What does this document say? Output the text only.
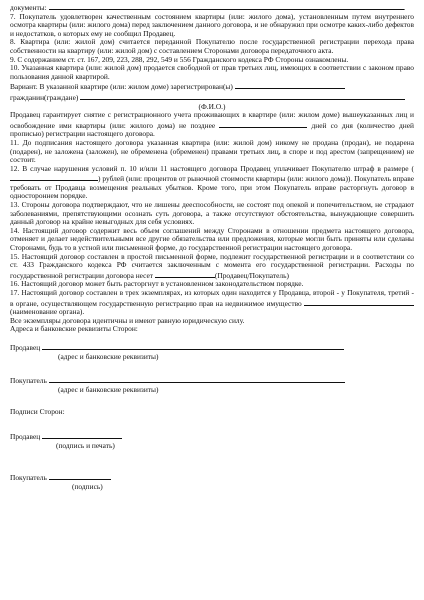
документы:	.
7. Покупатель удовлетворен качественным состоянием квартиры (или: жилого дома), установленным путем внутреннего осмотра квартиры (или: жилого дома) перед заключением данного договора, и не обнаружил при осмотре каких-либо дефектов и недостатков, о которых ему не сообщил Продавец.
8. Квартира (или: жилой дом) считается переданной Покупателю после государственной регистрации перехода права собственности на квартиру (или: жилой дом) с составлением Сторонами договора передаточного акта.
9. С содержанием ст. ст. 167, 209, 223, 288, 292, 549 и 556 Гражданского кодекса РФ Стороны ознакомлены.
10. Указанная квартира (или: жилой дом) продается свободной от прав третьих лиц, имеющих в соответствии с законом право пользования данной квартирой.
Вариант. В указанной квартире (или: жилом доме) зарегистрирован(ы)
гражданин(граждане)
(Ф.И.О.)
Продавец гарантирует снятие с регистрационного учета проживающих в квартире (или: жилом доме) вышеуказанных лиц и освобождение ими квартиры (или: жилого дома) не позднее	дней со дня (количество дней прописью) регистрации настоящего договора.
11. До подписания настоящего договора указанная квартира (или: жилой дом) никому не продана (продан), не подарена (подарен), не заложена (заложен), не обременена (обременен) правами третьих лиц, в споре и под арестом (запрещением) не состоит.
12. В случае нарушения условий п. 10 и/или 11 настоящего договора Продавец уплачивает Покупателю штраф в размере () рублей (или: процентов от рыночной стоимости квартиры (или: жилого дома)). Покупатель вправе требовать от Продавца возмещения реальных убытков. Кроме того, при этом Покупатель вправе расторгнуть договор в одностороннем порядке.
13. Стороны договора подтверждают, что не лишены дееспособности, не состоят под опекой и попечительством, не страдают заболеваниями, препятствующими осознать суть договора, а также отсутствуют обстоятельства, вынуждающие совершить данный договор на крайне невыгодных для себя условиях.
14. Настоящий договор содержит весь объем соглашений между Сторонами в отношении предмета настоящего договора, отменяет и делает недействительными все другие обязательства или предложения, которые могли быть приняты или сделаны Сторонами, будь то в устной или письменной форме, до государственной регистрации настоящего договора.
15. Настоящий договор составлен в простой письменной форме, подлежит государственной регистрации и в соответствии со ст. 433 Гражданского кодекса РФ считается заключенным с момента его государственной регистрации. Расходы по государственной регистрации договора несет	(Продавец/Покупатель)
16. Настоящий договор может быть расторгнут в установленном законодательством порядке.
17. Настоящий договор составлен в трех экземплярах, из которых один находится у Продавца, второй - у Покупателя, третий - в органе, осуществляющем государственную регистрацию прав на недвижимое имущество  (наименование органа).
Все экземпляры договора идентичны и имеют равную юридическую силу.
Адреса и банковские реквизиты Сторон:
Продавец
(адрес и банковские реквизиты)
Покупатель
(адрес и банковские реквизиты)
Подписи Сторон:
Продавец
(подпись и печать)
Покупатель
(подпись)
